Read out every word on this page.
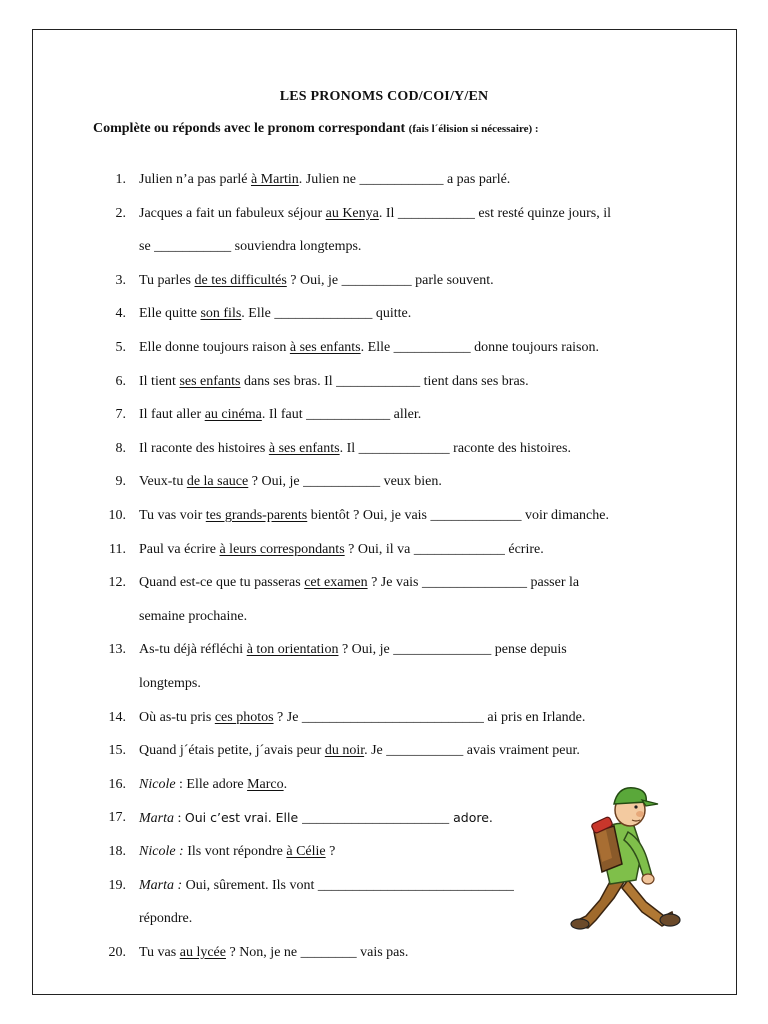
LES PRONOMS COD/COI/Y/EN
Complète ou réponds avec le pronom correspondant (fais l´élision si nécessaire) :
1. Julien n’a pas parlé à Martin. Julien ne ____________ a pas parlé.
2. Jacques a fait un fabuleux séjour au Kenya. Il ___________ est resté quinze jours, il
se ___________ souviendra longtemps.
3. Tu parles de tes difficultés ? Oui, je __________ parle souvent.
4. Elle quitte son fils. Elle ______________ quitte.
5. Elle donne toujours raison à ses enfants. Elle ___________ donne toujours raison.
6. Il tient ses enfants dans ses bras. Il ____________ tient dans ses bras.
7. Il faut aller au cinéma. Il faut ____________ aller.
8. Il raconte des histoires à ses enfants. Il _____________ raconte des histoires.
9. Veux-tu de la sauce ? Oui, je ___________ veux bien.
10. Tu vas voir tes grands-parents bientôt ? Oui, je vais _____________ voir dimanche.
11. Paul va écrire à leurs correspondants ? Oui, il va _____________ écrire.
12. Quand est-ce que tu passeras cet examen ? Je vais _______________ passer la
semaine prochaine.
13. As-tu déjà réfléchi à ton orientation ? Oui, je ______________ pense depuis
longtemps.
14. Où as-tu pris ces photos ? Je __________________________ ai pris en Irlande.
15. Quand j´étais petite, j´avais peur du noir. Je ___________ avais vraiment peur.
16. Nicole : Elle adore Marco.
17. Marta : Oui c’est vrai. Elle _____________________ adore.
18. Nicole : Ils vont répondre à Célie ?
19. Marta : Oui, sûrement. Ils vont ____________________________
répondre.
20. Tu vas au lycée ? Non, je ne ________ vais pas.
